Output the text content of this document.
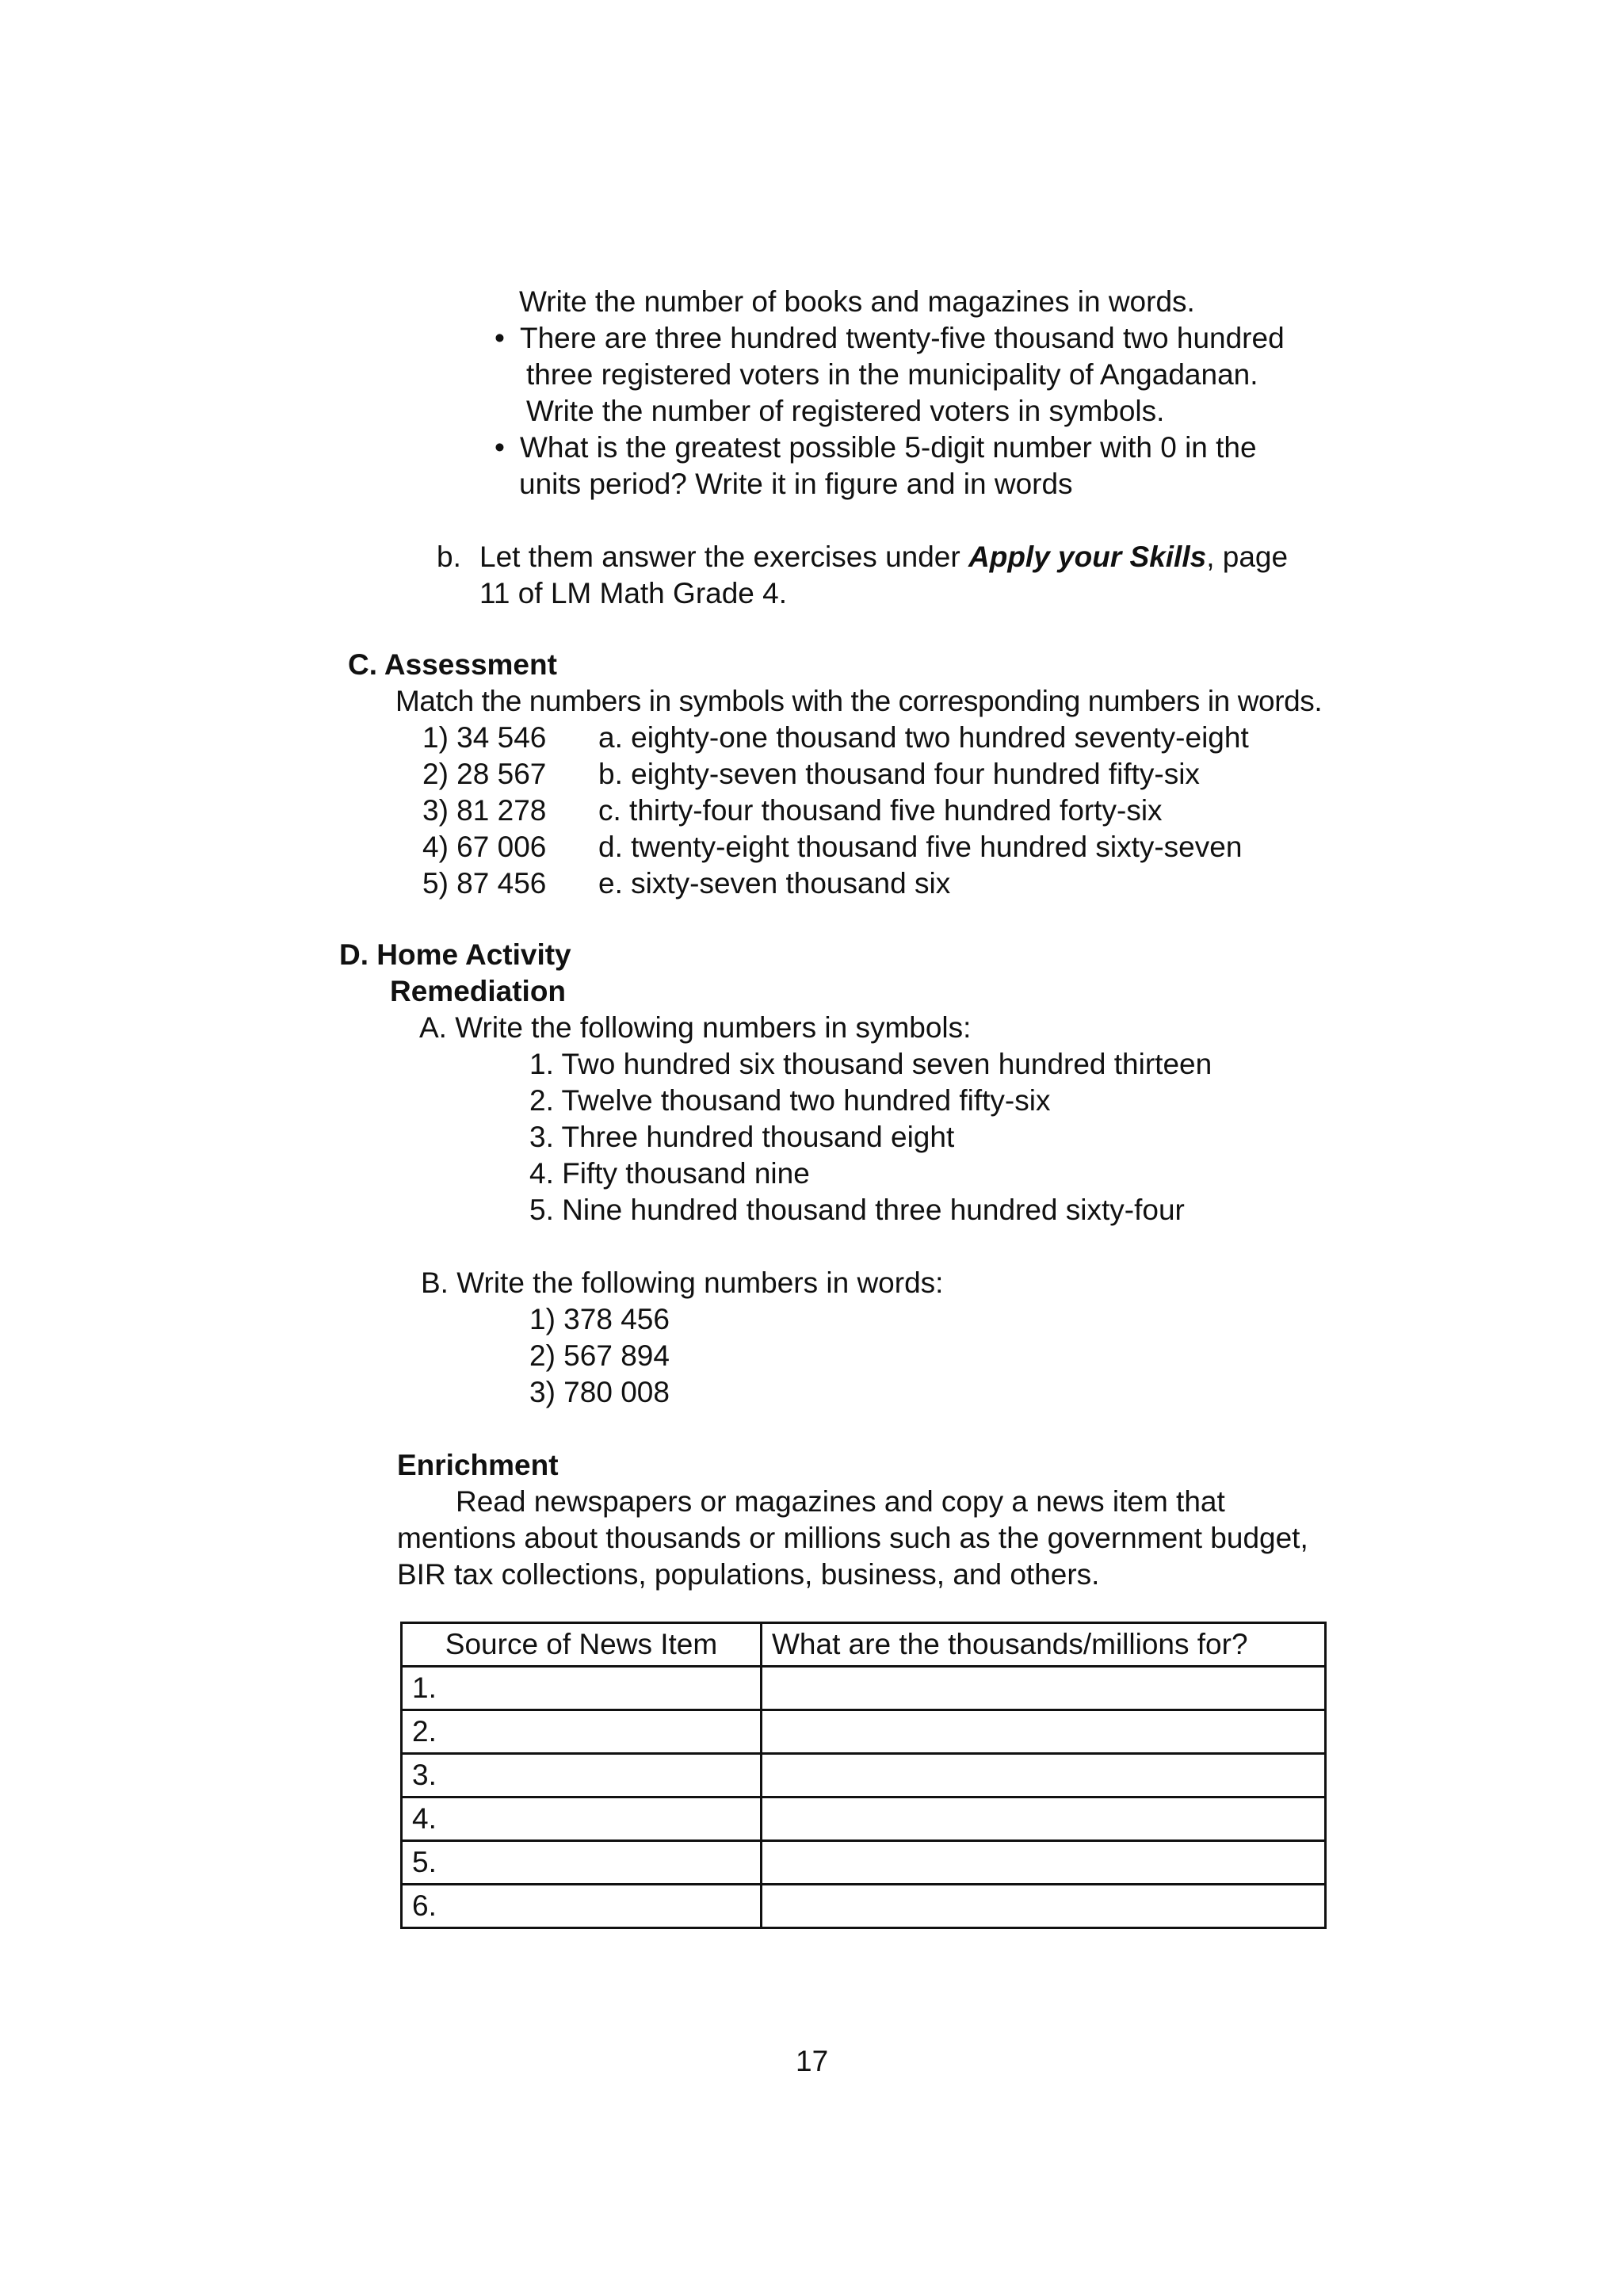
Write the number of books and magazines in words.
• There are three hundred twenty-five thousand two hundred
three registered voters in the municipality of Angadanan.
Write the number of registered voters in symbols.
• What is the greatest possible 5-digit number with 0 in the
units period? Write it in figure and in words
b. Let them answer the exercises under Apply your Skills, page
11 of LM Math Grade 4.
C. Assessment
Match the numbers in symbols with the corresponding numbers in words.
1) 34 546 a. eighty-one thousand two hundred seventy-eight
2) 28 567 b. eighty-seven thousand four hundred fifty-six
3) 81 278 c. thirty-four thousand five hundred forty-six
4) 67 006 d. twenty-eight thousand five hundred sixty-seven
5) 87 456 e. sixty-seven thousand six
D. Home Activity
Remediation
A. Write the following numbers in symbols:
1. Two hundred six thousand seven hundred thirteen
2. Twelve thousand two hundred fifty-six
3. Three hundred thousand eight
4. Fifty thousand nine
5. Nine hundred thousand three hundred sixty-four
B. Write the following numbers in words:
1) 378 456
2) 567 894
3) 780 008
Enrichment
Read newspapers or magazines and copy a news item that
mentions about thousands or millions such as the government budget,
BIR tax collections, populations, business, and others.
Source of News Item	What are the thousands/millions for?
1.	
2.	
3.	
4.	
5.	
6.	
17
